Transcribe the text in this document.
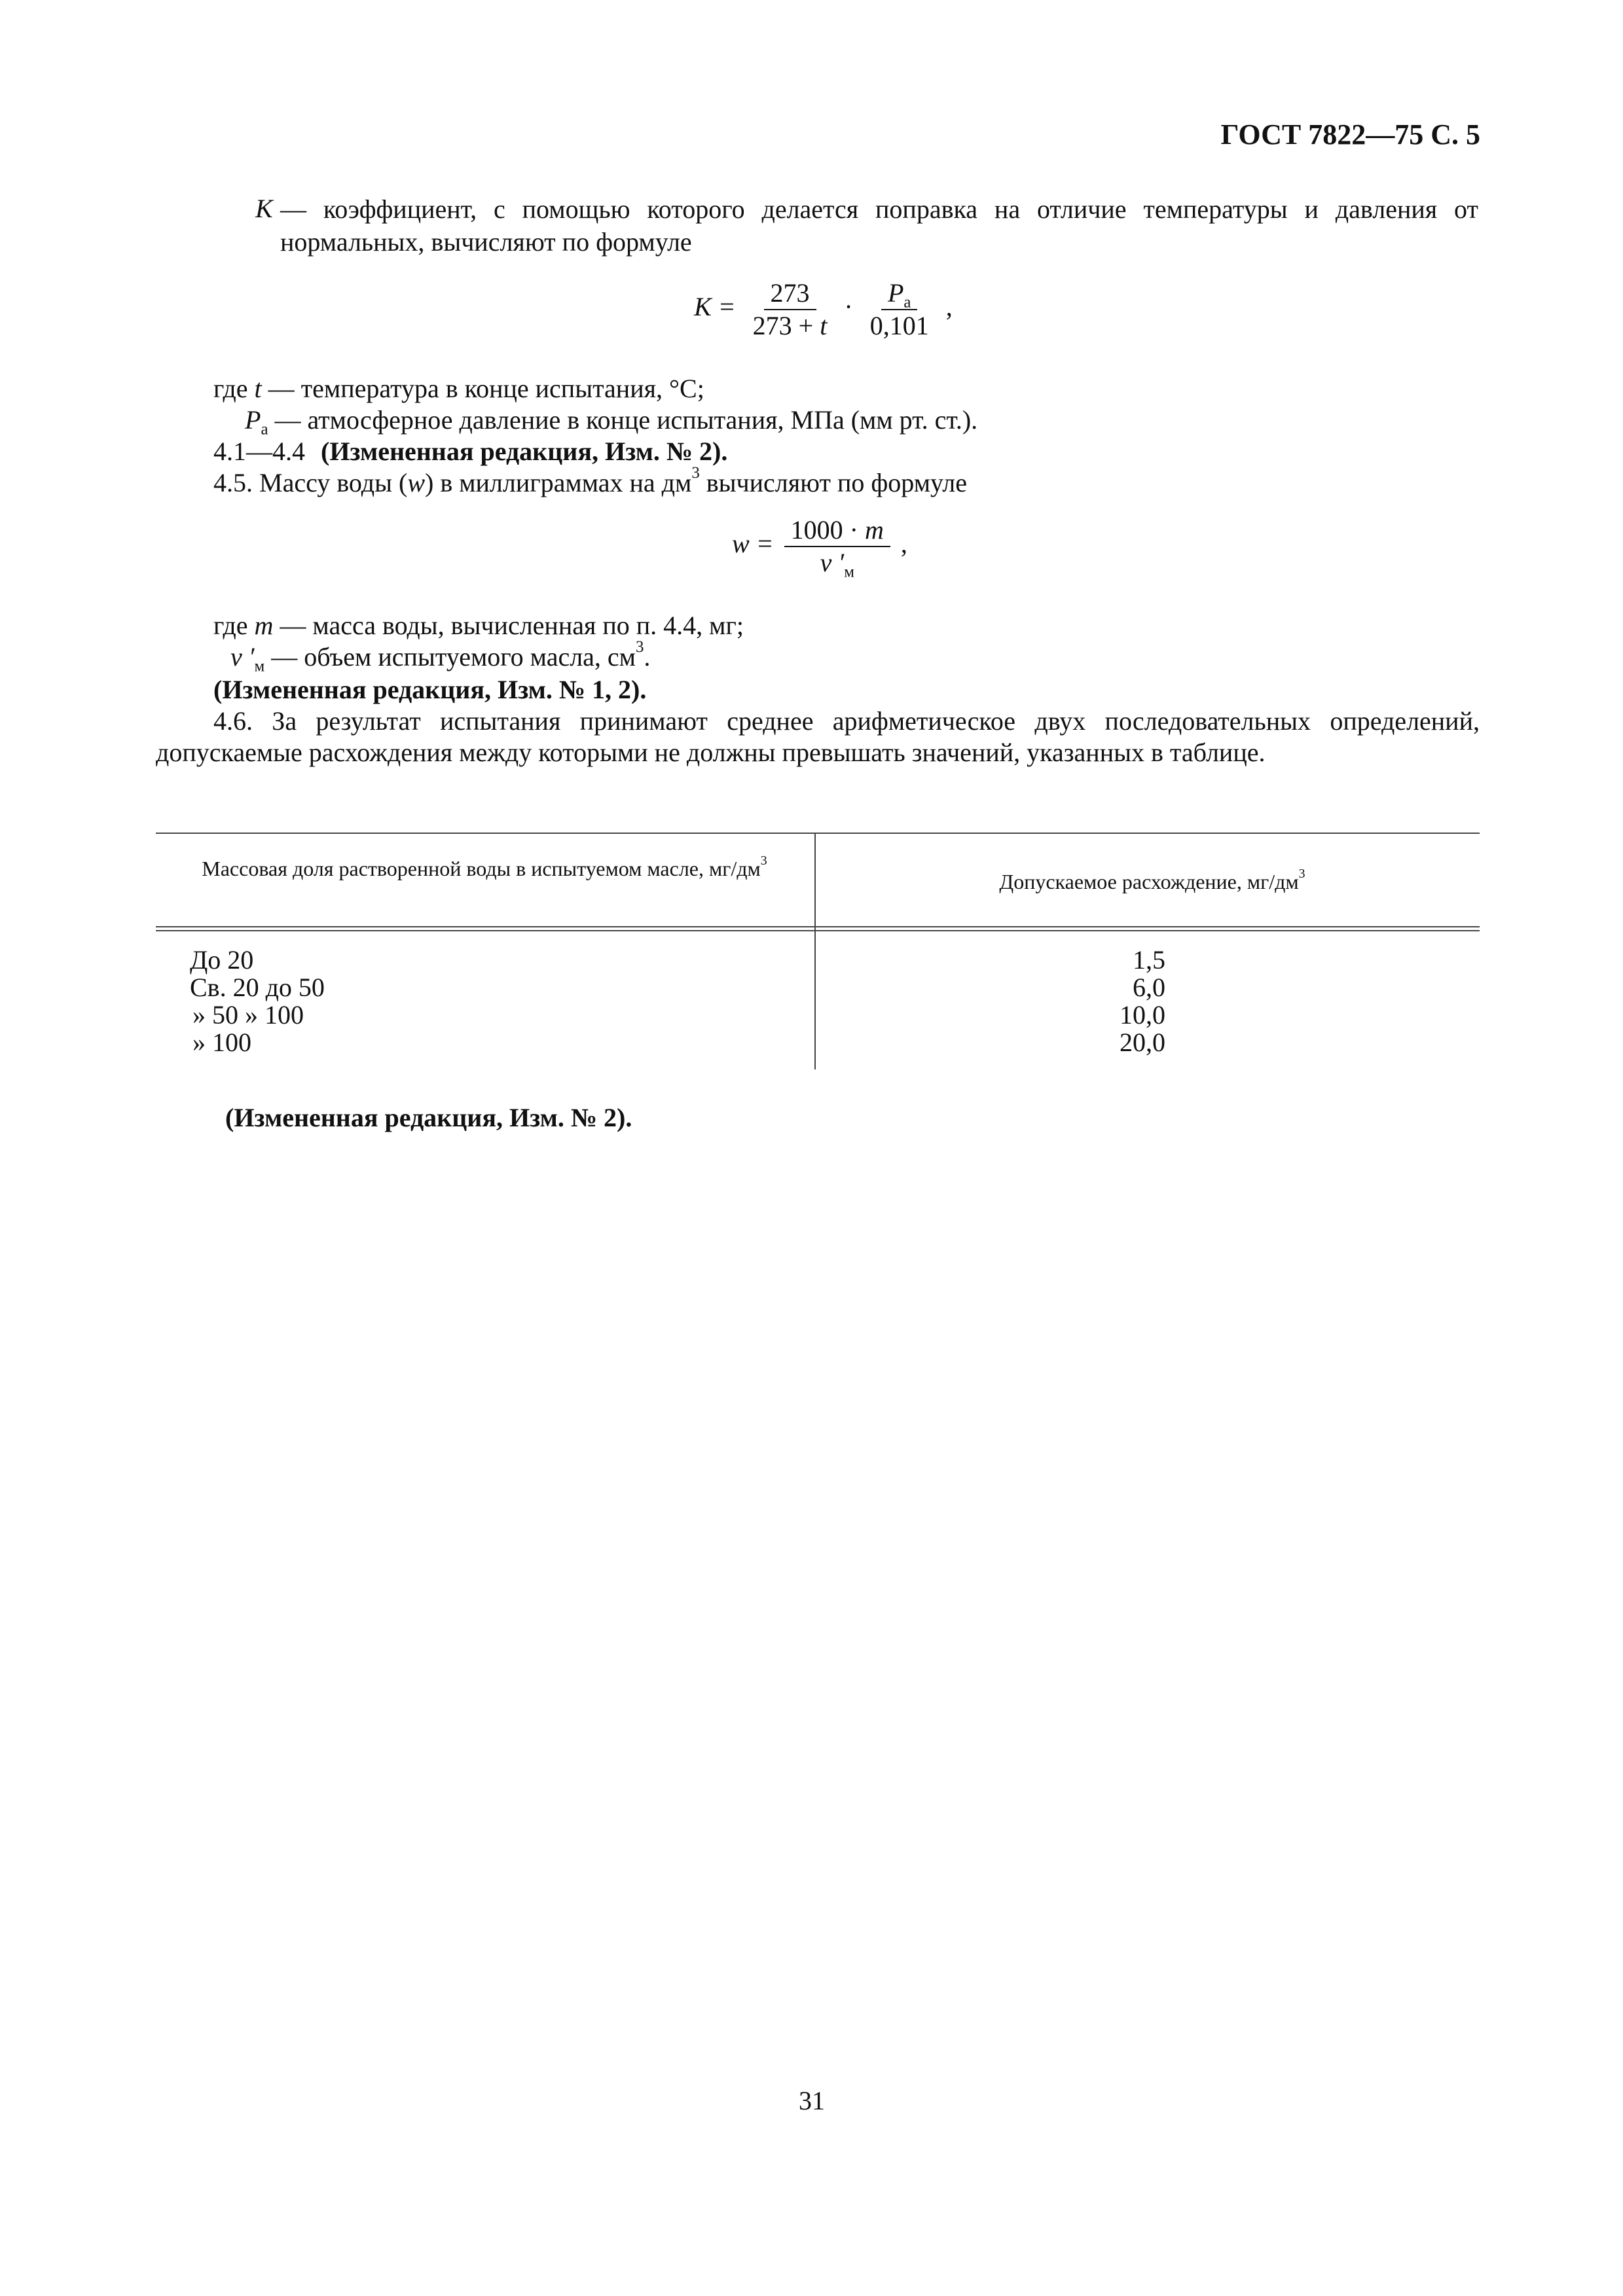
ГОСТ 7822—75 С. 5
K — коэффициент, с помощью которого делается поправка на отличие температуры и давления от нормальных, вычисляют по формуле
$K = \frac{273}{273 + t} \cdot \frac{P_а}{0,101}$ ,
где t — температура в конце испытания, °C;
$P_а$ — атмосферное давление в конце испытания, МПа (мм рт. ст.).
4.1—4.4 (Измененная редакция, Изм. № 2).
4.5. Массу воды (w) в миллиграммах на $дм^3$ вычисляют по формуле
$w = \frac{1000 \cdot m}{v '_м}$ ,
где m — масса воды, вычисленная по п. 4.4, мг;
v $'_м$ — объем испытуемого масла, $см^3$.
(Измененная редакция, Изм. № 1, 2).
4.6. За результат испытания принимают среднее арифметическое двух последовательных определений, допускаемые расхождения между которыми не должны превышать значений, указанных в таблице.
Массовая доля растворенной воды в испытуемом масле, $мг/дм^3$
Допускаемое расхождение, $мг/дм^3$
До 20
Св. 20 до 50
» 50 » 100
» 100
1,5
6,0
10,0
20,0
(Измененная редакция, Изм. № 2).
31
